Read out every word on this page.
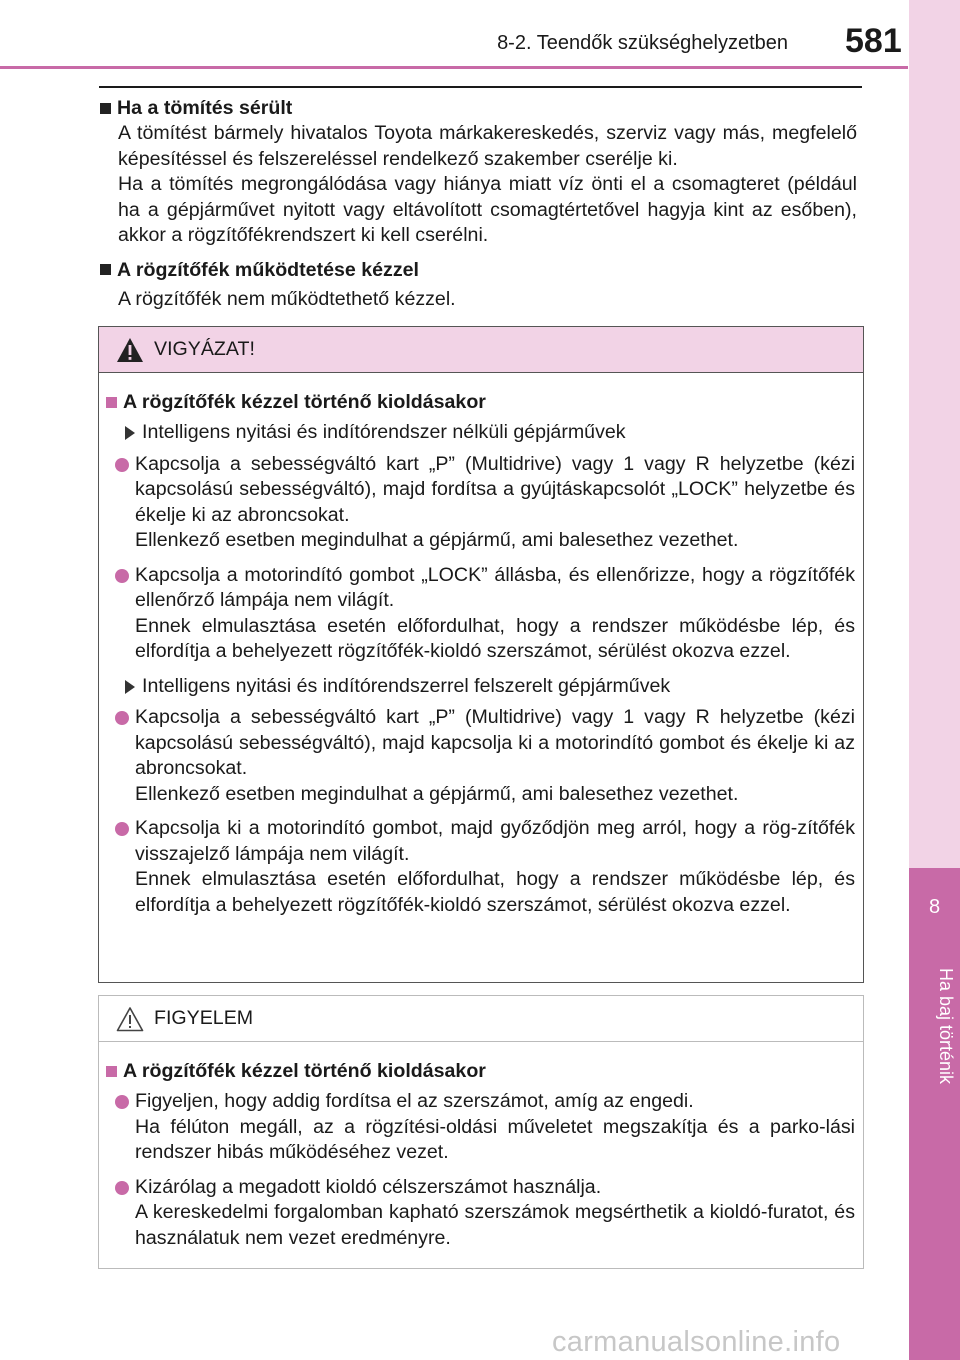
8-2. Teendők szükséghelyzetben 581
8
Ha baj történik
Ha a tömítés sérült

A tömítést bármely hivatalos Toyota márkakereskedés, szerviz vagy más, megfelelő képesítéssel és felszereléssel rendelkező szakember cserélje ki.

Ha a tömítés megrongálódása vagy hiánya miatt víz önti el a csomagteret (például ha a gépjárművet nyitott vagy eltávolított csomagtértetővel hagyja kint az esőben), akkor a rögzítőfékrendszert ki kell cserélni.

A rögzítőfék működtetése kézzel

A rögzítőfék nem működtethető kézzel.

VIGYÁZAT!
A rögzítőfék kézzel történő kioldásakor
Intelligens nyitási és indítórendszer nélküli gépjárművek
Kapcsolja a sebességváltó kart „P” (Multidrive) vagy 1 vagy R helyzetbe (kézi kapcsolású sebességváltó), majd fordítsa a gyújtáskapcsolót „LOCK” helyzetbe és ékelje ki az abroncsokat.
Ellenkező esetben megindulhat a gépjármű, ami balesethez vezethet.
Kapcsolja a motorindító gombot „LOCK” állásba, és ellenőrizze, hogy a rögzítőfék ellenőrző lámpája nem világít.
Ennek elmulasztása esetén előfordulhat, hogy a rendszer működésbe lép, és elfordítja a behelyezett rögzítőfék-kioldó szerszámot, sérülést okozva ezzel.
Intelligens nyitási és indítórendszerrel felszerelt gépjárművek
Kapcsolja a sebességváltó kart „P” (Multidrive) vagy 1 vagy R helyzetbe (kézi kapcsolású sebességváltó), majd kapcsolja ki a motorindító gombot és ékelje ki az abroncsokat.
Ellenkező esetben megindulhat a gépjármű, ami balesethez vezethet.
Kapcsolja ki a motorindító gombot, majd győződjön meg arról, hogy a rög-zítőfék visszajelző lámpája nem világít.
Ennek elmulasztása esetén előfordulhat, hogy a rendszer működésbe lép, és elfordítja a behelyezett rögzítőfék-kioldó szerszámot, sérülést okozva ezzel.
FIGYELEM
A rögzítőfék kézzel történő kioldásakor
Figyeljen, hogy addig fordítsa el az szerszámot, amíg az engedi.
Ha félúton megáll, az a rögzítési-oldási műveletet megszakítja és a parko-lási rendszer hibás működéséhez vezet.
Kizárólag a megadott kioldó célszerszámot használja.
A kereskedelmi forgalomban kapható szerszámok megsérthetik a kioldó-furatot, és használatuk nem vezet eredményre.
carmanualsonline.info
